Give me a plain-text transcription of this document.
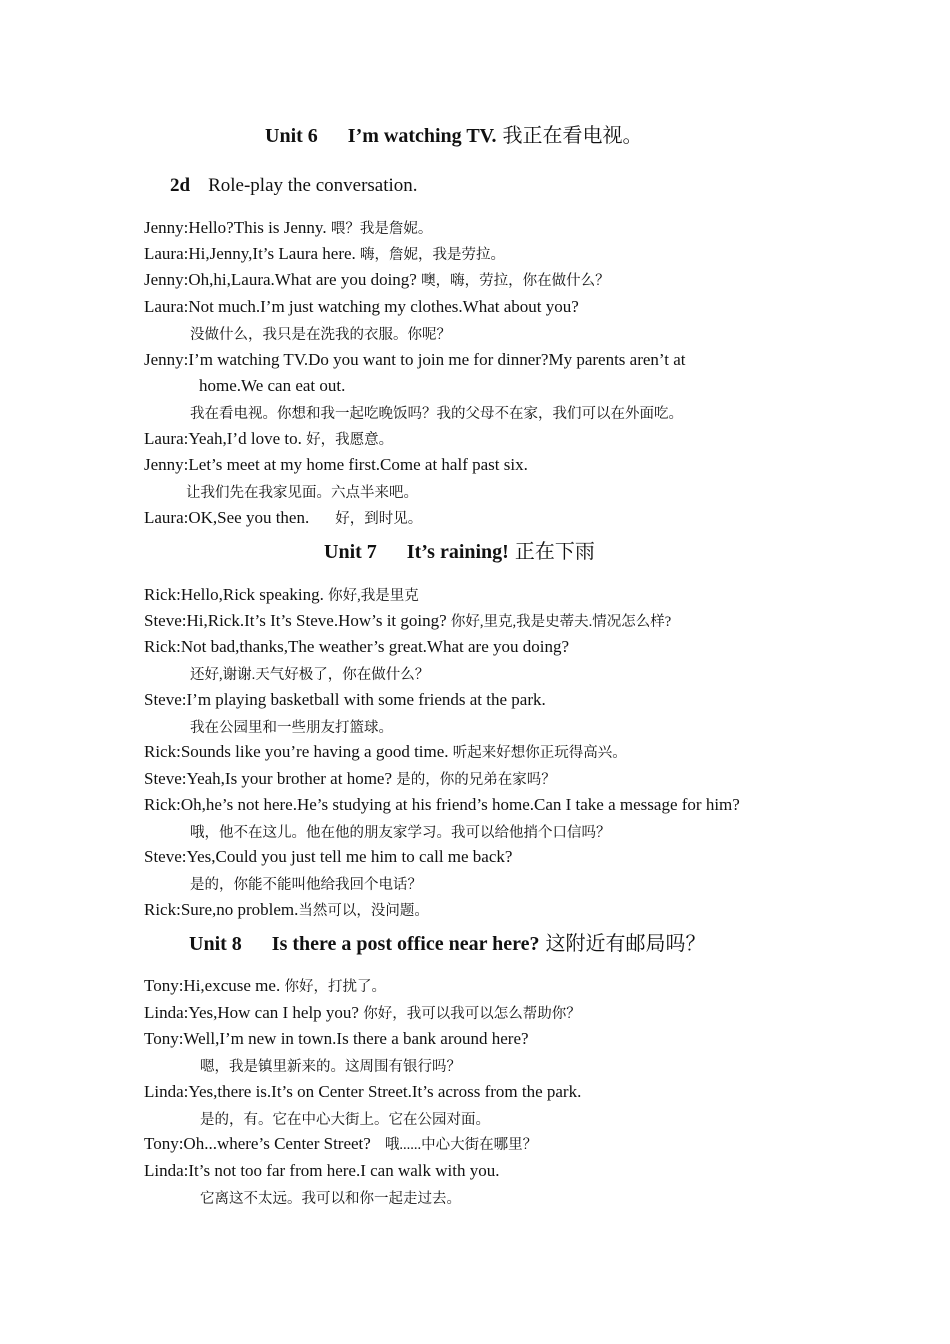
Unit 6 I’m watching TV. 我正在看电视。
2d Role-play the conversation.
Jenny:Hello?This is Jenny. 喂？我是詹妮。
Laura:Hi,Jenny,It’s Laura here. 嗨，詹妮，我是劳拉。
Jenny:Oh,hi,Laura.What are you doing? 噢，嗨，劳拉，你在做什么？
Laura:Not much.I’m just watching my clothes.What about you?
没做什么，我只是在洗我的衣服。你呢？
Jenny:I’m watching TV.Do you want to join me for dinner?My parents aren’t at
home.We can eat out.
我在看电视。你想和我一起吃晚饭吗？我的父母不在家，我们可以在外面吃。
Laura:Yeah,I’d love to. 好，我愿意。
Jenny:Let’s meet at my home first.Come at half past six.
让我们先在我家见面。六点半来吧。
Laura:OK,See you then. 好，到时见。
Unit 7 It’s raining! 正在下雨
Rick:Hello,Rick speaking. 你好,我是里克
Steve:Hi,Rick.It’s It’s Steve.How’s it going? 你好,里克,我是史蒂夫.情况怎么样?
Rick:Not bad,thanks,The weather’s great.What are you doing?
还好,谢谢.天气好极了，你在做什么？
Steve:I’m playing basketball with some friends at the park.
我在公园里和一些朋友打篮球。
Rick:Sounds like you’re having a good time. 听起来好想你正玩得高兴。
Steve:Yeah,Is your brother at home? 是的，你的兄弟在家吗？
Rick:Oh,he’s not here.He’s studying at his friend’s home.Can I take a message for him?
哦，他不在这儿。他在他的朋友家学习。我可以给他捎个口信吗？
Steve:Yes,Could you just tell me him to call me back?
是的，你能不能叫他给我回个电话？
Rick:Sure,no problem.当然可以，没问题。
Unit 8 Is there a post office near here? 这附近有邮局吗？
Tony:Hi,excuse me. 你好，打扰了。
Linda:Yes,How can I help you? 你好，我可以我可以怎么帮助你？
Tony:Well,I’m new in town.Is there a bank around here?
嗯，我是镇里新来的。这周围有银行吗？
Linda:Yes,there is.It’s on Center Street.It’s across from the park.
是的，有。它在中心大街上。它在公园对面。
Tony:Oh...where’s Center Street? 哦......中心大街在哪里？
Linda:It’s not too far from here.I can walk with you.
它离这不太远。我可以和你一起走过去。
